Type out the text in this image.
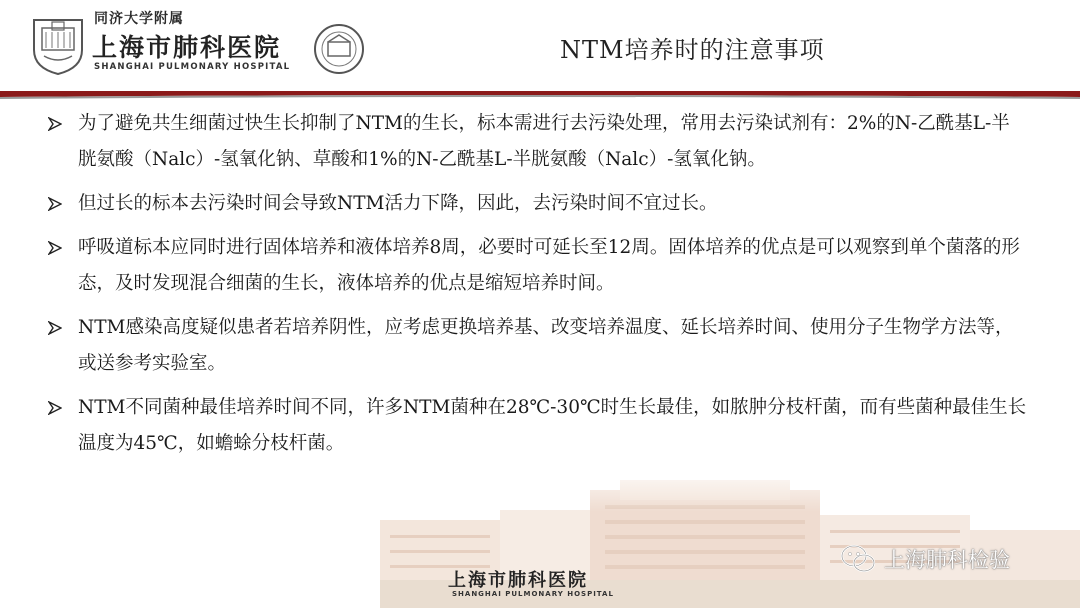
同济大学附属
上海市肺科医院
SHANGHAI PULMONARY HOSPITAL
NTM培养时的注意事项
为了避免共生细菌过快生长抑制了NTM的生长，标本需进行去污染处理，常用去污染试剂有：2%的N-乙酰基L-半胱氨酸（Nalc）-氢氧化钠、草酸和1%的N-乙酰基L-半胱氨酸（Nalc）-氢氧化钠。
但过长的标本去污染时间会导致NTM活力下降，因此，去污染时间不宜过长。
呼吸道标本应同时进行固体培养和液体培养8周，必要时可延长至12周。固体培养的优点是可以观察到单个菌落的形态，及时发现混合细菌的生长，液体培养的优点是缩短培养时间。
NTM感染高度疑似患者若培养阴性，应考虑更换培养基、改变培养温度、延长培养时间、使用分子生物学方法等，或送参考实验室。
NTM不同菌种最佳培养时间不同，许多NTM菌种在28℃-30℃时生长最佳，如脓肿分枝杆菌，而有些菌种最佳生长温度为45℃，如蟾蜍分枝杆菌。
上海市肺科医院
SHANGHAI PULMONARY HOSPITAL
上海肺科检验
